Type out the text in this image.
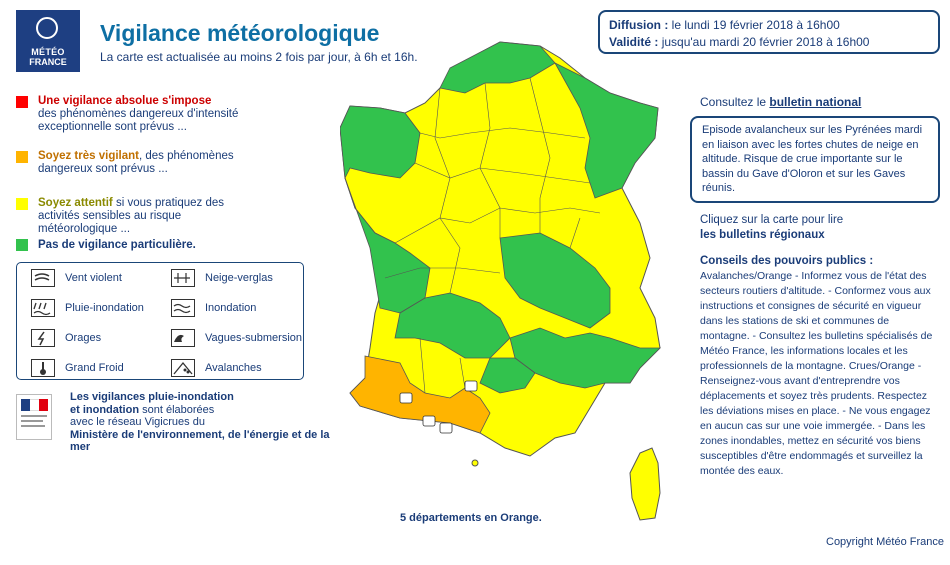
MÉTÉO
FRANCE
Vigilance météorologique
La carte est actualisée au moins 2 fois par jour, à 6h et 16h.
Diffusion : le lundi 19 février 2018 à 16h00
Validité : jusqu'au mardi 20 février 2018 à 16h00
Une vigilance absolue s'impose
des phénomènes dangereux d'intensité exceptionnelle sont prévus ...
Soyez très vigilant, des phénomènes dangereux sont prévus ...
Soyez attentif si vous pratiquez des activités sensibles au risque météorologique ...
Pas de vigilance particulière.
Vent violent	Neige-verglas
Pluie-inondation	Inondation
Orages	Vagues-submersion
Grand Froid	Avalanches
Les vigilances pluie-inondation
et inondation sont élaborées
avec le réseau Vigicrues du
Ministère de l'environnement, de l'énergie et de la mer
Consultez le bulletin national
Episode avalancheux sur les Pyrénées mardi en liaison avec les fortes chutes de neige en altitude. Risque de crue importante sur le bassin du Gave d'Oloron et sur les Gaves réunis.
Cliquez sur la carte pour lire
les bulletins régionaux
Conseils des pouvoirs publics :
Avalanches/Orange - Informez vous de l'état des secteurs routiers d'altitude. - Conformez vous aux instructions et consignes de sécurité en vigueur dans les stations de ski et communes de montagne. - Consultez les bulletins spécialisés de Météo France, les informations locales et les professionnels de la montagne. Crues/Orange - Renseignez-vous avant d'entreprendre vos déplacements et soyez très prudents. Respectez les déviations mises en place. - Ne vous engagez en aucun cas sur une voie immergée. - Dans les zones inondables, mettez en sécurité vos biens susceptibles d'être endommagés et surveillez la montée des eaux.
5 départements en Orange.
Copyright Météo France
